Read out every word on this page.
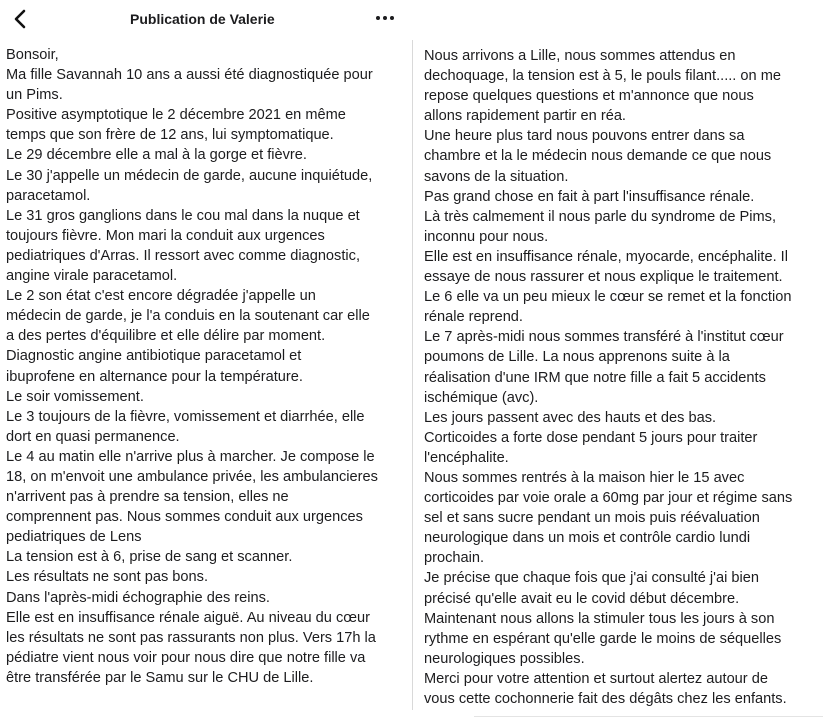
Publication de Valerie
Bonsoir,
Ma fille Savannah 10 ans a aussi été diagnostiquée pour
un Pims.
Positive asymptotique le 2 décembre 2021 en même
temps que son frère de 12 ans, lui symptomatique.
Le 29 décembre elle a mal à la gorge et fièvre.
Le 30 j'appelle un médecin de garde, aucune inquiétude,
paracetamol.
Le 31 gros ganglions dans le cou mal dans la nuque et
toujours fièvre. Mon mari la conduit aux urgences
pediatriques d'Arras. Il ressort avec comme diagnostic,
angine virale paracetamol.
Le 2 son état c'est encore dégradée j'appelle un
médecin de garde, je l'a conduis en la soutenant car elle
a des pertes d'équilibre et elle délire par moment.
Diagnostic angine antibiotique paracetamol et
ibuprofene en alternance pour la température.
Le soir vomissement.
Le 3 toujours de la fièvre, vomissement et diarrhée, elle
dort en quasi permanence.
Le 4 au matin elle n'arrive plus à marcher. Je compose le
18, on m'envoit une ambulance privée, les ambulancieres
n'arrivent pas à prendre sa tension, elles ne
comprennent pas. Nous sommes conduit aux urgences
pediatriques de Lens
La tension est à 6, prise de sang et scanner.
Les résultats ne sont pas bons.
Dans l'après-midi échographie des reins.
Elle est en insuffisance rénale aiguë. Au niveau du cœur
les résultats ne sont pas rassurants non plus. Vers 17h la
pédiatre vient nous voir pour nous dire que notre fille va
être transférée par le Samu sur le CHU de Lille.
Nous arrivons a Lille, nous sommes attendus en
dechoquage, la tension est à 5, le pouls filant..... on me
repose quelques questions et m'annonce que nous
allons rapidement partir en réa.
Une heure plus tard nous pouvons entrer dans sa
chambre et la le médecin nous demande ce que nous
savons de la situation.
Pas grand chose en fait à part l'insuffisance rénale.
Là très calmement il nous parle du syndrome de Pims,
inconnu pour nous.
Elle est en insuffisance rénale, myocarde, encéphalite. Il
essaye de nous rassurer et nous explique le traitement.
Le 6 elle va un peu mieux le cœur se remet et la fonction
rénale reprend.
Le 7 après-midi nous sommes transféré à l'institut cœur
poumons de Lille. La nous apprenons suite à la
réalisation d'une IRM que notre fille a fait 5 accidents
ischémique (avc).
Les jours passent avec des hauts et des bas.
Corticoides a forte dose pendant 5 jours pour traiter
l'encéphalite.
Nous sommes rentrés à la maison hier le 15 avec
corticoides par voie orale a 60mg par jour et régime sans
sel et sans sucre pendant un mois puis réévaluation
neurologique dans un mois et contrôle cardio lundi
prochain.
Je précise que chaque fois que j'ai consulté j'ai bien
précisé qu'elle avait eu le covid début décembre.
Maintenant nous allons la stimuler tous les jours à son
rythme en espérant qu'elle garde le moins de séquelles
neurologiques possibles.
Merci pour votre attention et surtout alertez autour de
vous cette cochonnerie fait des dégâts chez les enfants.
